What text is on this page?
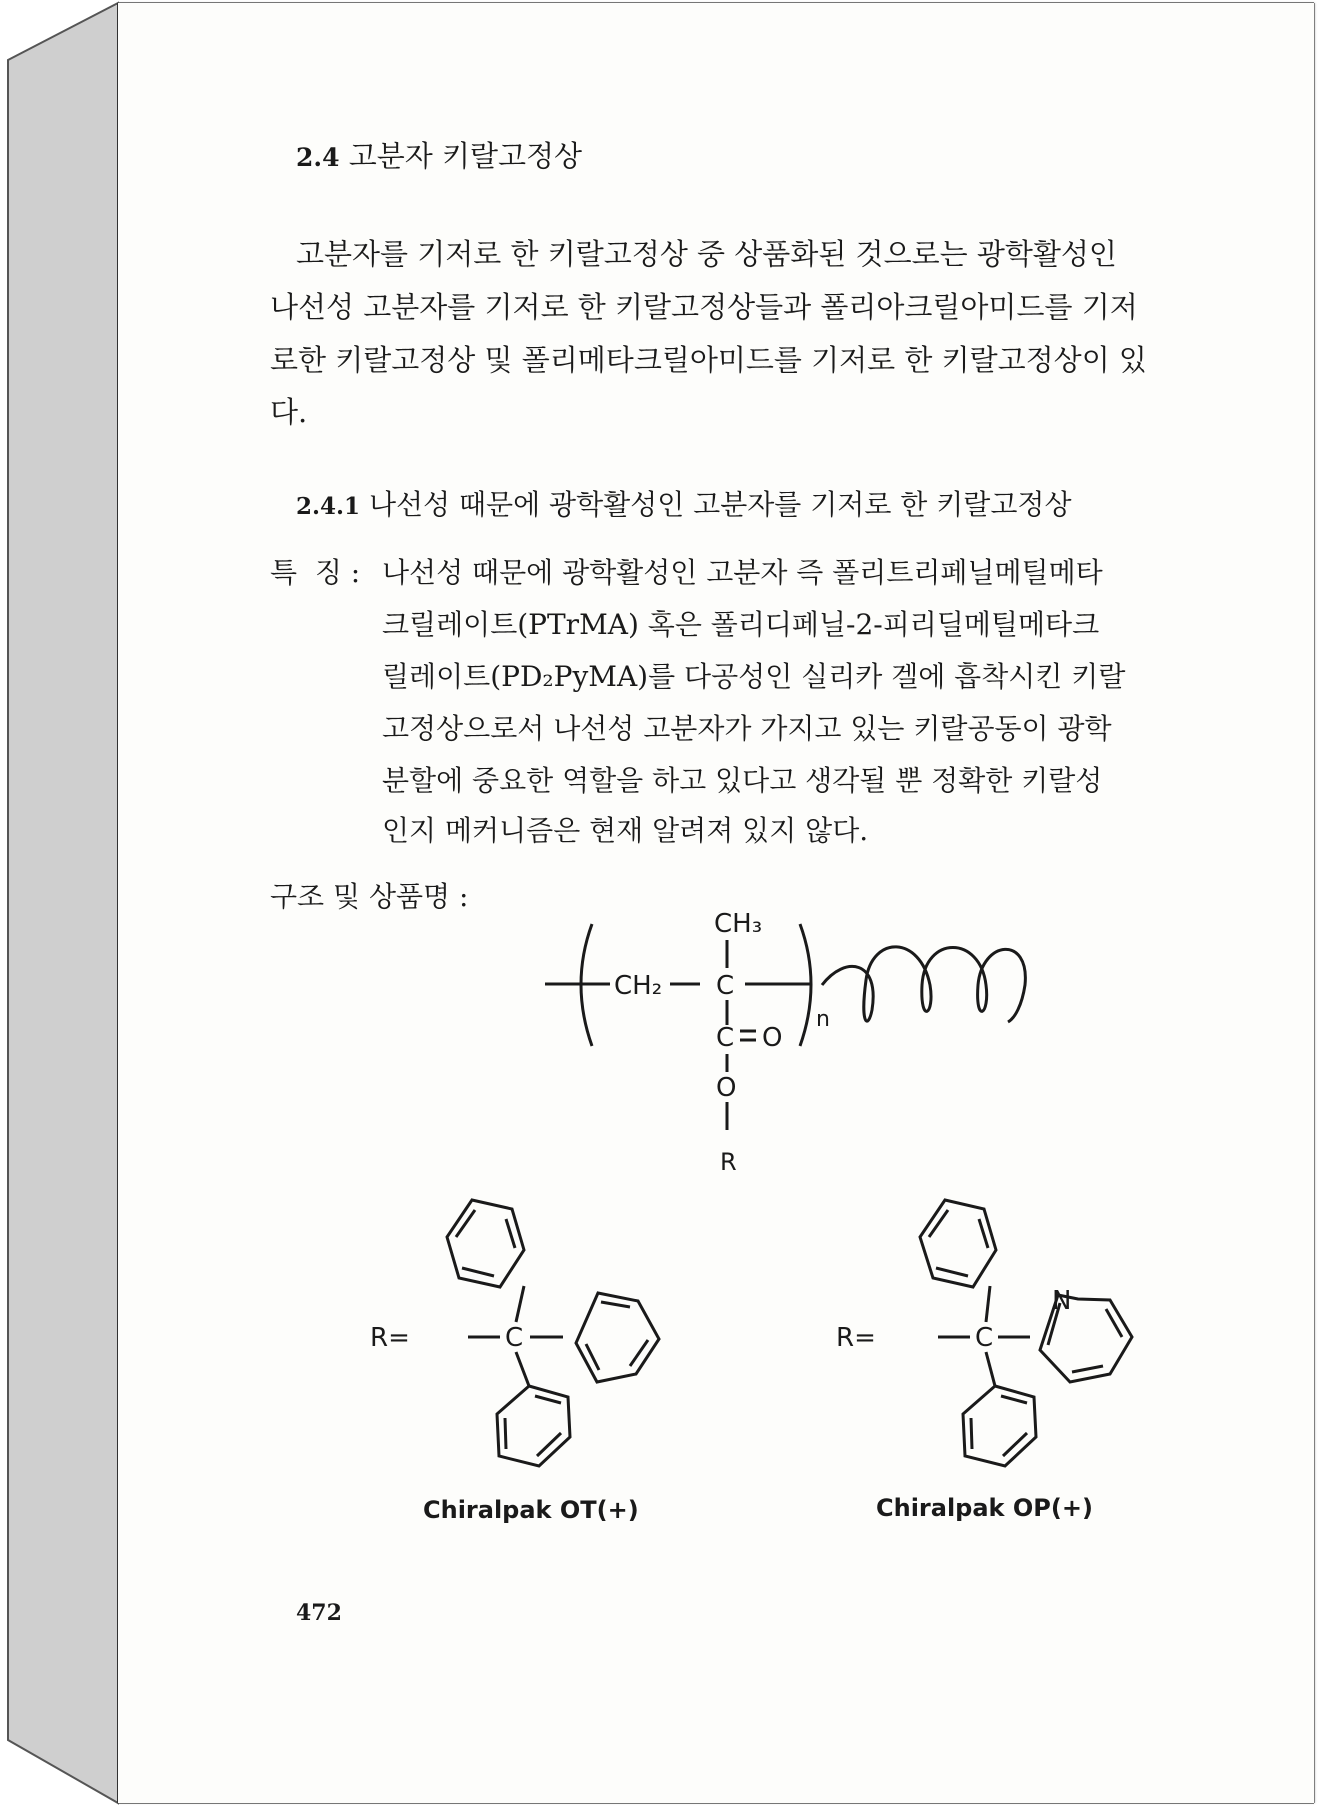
2.4 고분자 키랄고정상
고분자를 기저로 한 키랄고정상 중 상품화된 것으로는 광학활성인
나선성 고분자를 기저로 한 키랄고정상들과 폴리아크릴아미드를 기저
로한 키랄고정상 및 폴리메타크릴아미드를 기저로 한 키랄고정상이 있
다.
2.4.1 나선성 때문에 광학활성인 고분자를 기저로 한 키랄고정상
특  징 : 나선성 때문에 광학활성인 고분자 즉 폴리트리페닐메틸메타
크릴레이트(PTrMA) 혹은 폴리디페닐-2-피리딜메틸메타크
릴레이트(PD₂PyMA)를 다공성인 실리카 겔에 흡착시킨 키랄
고정상으로서 나선성 고분자가 가지고 있는 키랄공동이 광학
분할에 중요한 역할을 하고 있다고 생각될 뿐 정확한 키랄성
인지 메커니즘은 현재 알려져 있지 않다.
구조 및 상품명 :
472
CH₃
CH₂ C
C O
O
R
n
R=	C
Chiralpak OT(+)
R=	C
N
Chiralpak OP(+)
